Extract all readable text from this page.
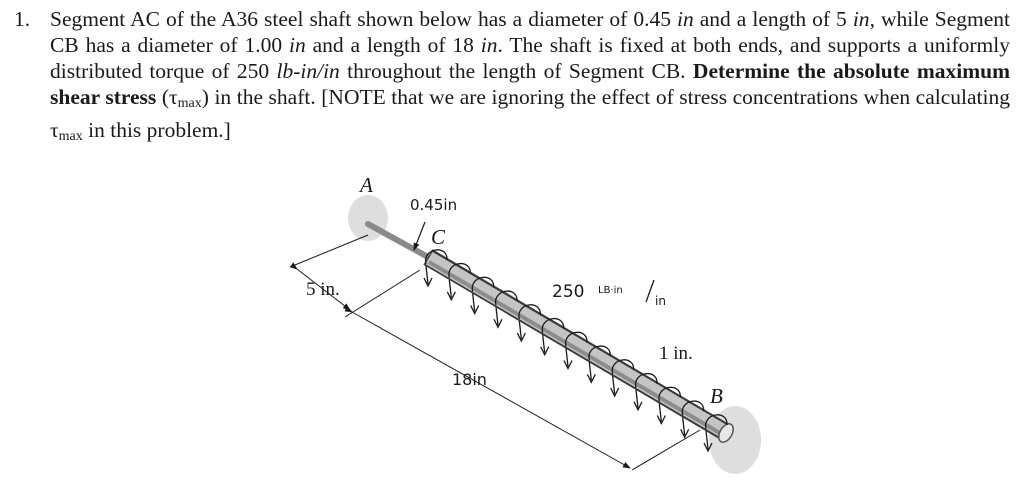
1. Segment AC of the A36 steel shaft shown below has a diameter of 0.45 in and a length of 5 in, while Segment CB has a diameter of 1.00 in and a length of 18 in. The shaft is fixed at both ends, and supports a uniformly distributed torque of 250 lb-in/in throughout the length of Segment CB. Determine the absolute maximum shear stress $(\tau_{max})$ in the shaft. [NOTE that we are ignoring the effect of stress concentrations when calculating $\tau_{max}$ in this problem.]
A
C
B
0.45in
5 in.
18in
250 LB·in
in
1 in.
